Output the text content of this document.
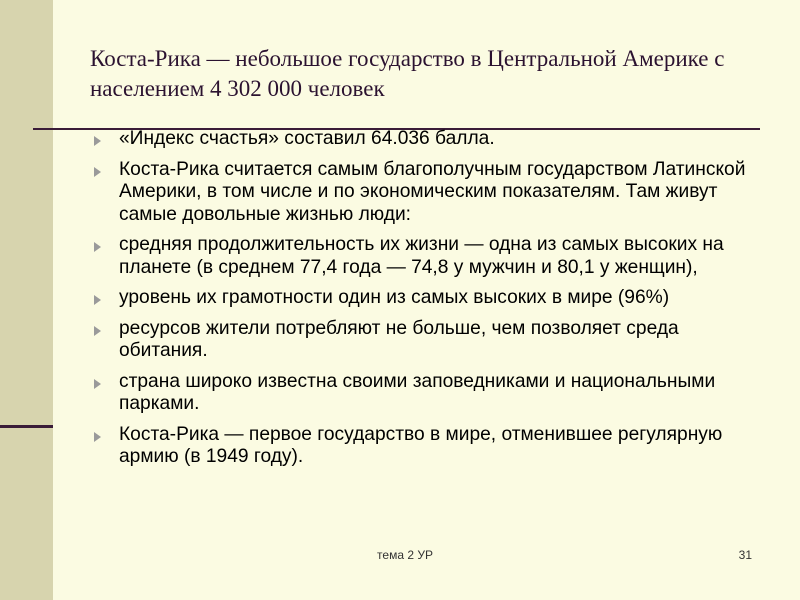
Коста-Рика — небольшое государство в Центральной Америке с населением 4 302 000 человек
«Индекс счастья» составил 64.036 балла.
Коста-Рика считается самым благополучным государством Латинской Америки, в том числе и по экономическим показателям. Там живут самые довольные жизнью люди:
средняя продолжительность их жизни — одна из самых высоких на планете (в среднем 77,4 года — 74,8 у мужчин и 80,1 у женщин),
уровень их грамотности один из самых высоких в мире (96%)
ресурсов жители потребляют не больше, чем позволяет среда обитания.
страна широко известна своими заповедниками и национальными парками.
Коста-Рика — первое государство в мире, отменившее регулярную армию (в 1949 году).
тема 2 УР	31
